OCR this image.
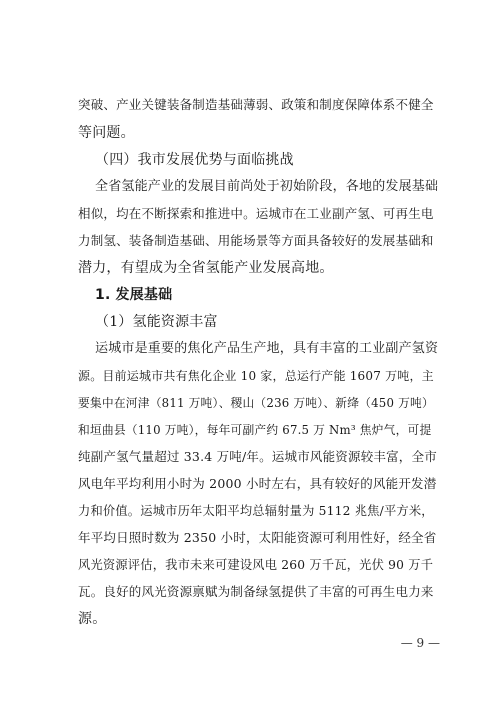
突破、产业关键装备制造基础薄弱、政策和制度保障体系不健全
等问题。
（四）我市发展优势与面临挑战
全省氢能产业的发展目前尚处于初始阶段，各地的发展基础
相似，均在不断探索和推进中。运城市在工业副产氢、可再生电
力制氢、装备制造基础、用能场景等方面具备较好的发展基础和
潜力，有望成为全省氢能产业发展高地。
1. 发展基础
（1）氢能资源丰富
运城市是重要的焦化产品生产地，具有丰富的工业副产氢资
源。目前运城市共有焦化企业 10 家，总运行产能 1607 万吨，主
要集中在河津（811 万吨）、稷山（236 万吨）、新绛（450 万吨）
和垣曲县（110 万吨），每年可副产约 67.5 万 Nm³ 焦炉气，可提
纯副产氢气量超过 33.4 万吨/年。运城市风能资源较丰富，全市
风电年平均利用小时为 2000 小时左右，具有较好的风能开发潜
力和价值。运城市历年太阳平均总辐射量为 5112 兆焦/平方米，
年平均日照时数为 2350 小时，太阳能资源可利用性好，经全省
风光资源评估，我市未来可建设风电 260 万千瓦，光伏 90 万千
瓦。良好的风光资源禀赋为制备绿氢提供了丰富的可再生电力来
源。
— 9 —
